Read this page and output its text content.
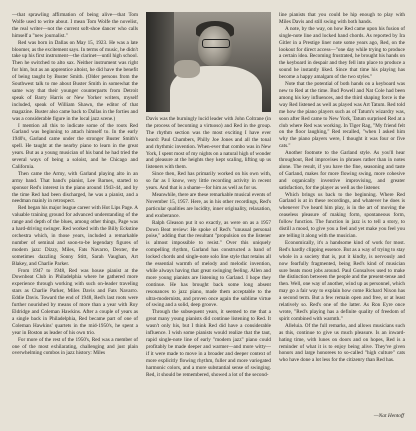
—that sprawling affirmation of being alive—that Tom Wolfe used to write about. I mean Tom Wolfe the novelist, the real writer—not the current soft-shoe dancer who calls himself a "new journalist."

Red was born in Dallas on May 15, 1923. He was a late bloomer, as the excitement says. In terms of music, he didn't take up his first instrument—the clarinet—until high school. Then he switched to alto sax. Neither instrument was right for him, but as an apprentice altoist, he did have the benefit of being taught by Buster Smith. (Older persons from the Southwest talk to me about Buster Smith in somewhat the same way that their younger counterparts from Detroit speak of Barry Harris or New Yorker writers, myself included, speak of William Shawn, the editor of that magazine. Buster also came back to Dallas in the forties and was a considerable figure in the local jazz scene.)

I mention all this to indicate some of the roots Red Garland was beginning to attach himself to. In the early 1940's, Garland came under the stronger Buster Smith's spell. He taught at the nearby piano to learn in the great years. But as a young musician of his band he had tried the several ways of being a soloist, and he Chicago and California.

Then came the Army, with Garland playing alto in an army band. That band's pianist, Lee Barnes, started to sponsor Red's interest in the piano around 1943-44, and by the time Red had been discharged, he was a pianist, and a needman mainly in retrospect.

Red began his major league career with Hot Lips Page. A valuable training ground for advanced understanding of the range and depth of the blues, among other things, Page was a hard-driving swinger. Red worked with the Billy Eckstine orchestra which, in those years, included a remarkable number of seminal and soon-to-be legendary figures of modern jazz: Dizzy, Miles, Fats Navarro, Dexter, the sometimes dazzling Sonny Stitt, Sarah Vaughan, Art Blakey, and Charlie Parker.

From 1947 to 1948, Red was house pianist at the Downbeat Club in Philadelphia where he gathered more experience through working with such on-leader traveling stars as Charlie Parker, Miles Davis and Fats Navarro. Eddie Davis. Toward the end of 1948, Red's last roots were further nourished by means of more than a year with Roy Eldridge and Coleman Hawkins. After a couple of years as a single back in Philadelphia, Red became part of one of Coleman Hawkins' quartets in the mid-1950's, he spent a year in Boston as leader of his own trio.

For more of the rest of the 1950's, Red was a member of one of the most exhilarating, challenging and just plain overwhelming combos in jazz history: Miles

Davis was the burningly lucid leader with John Coltrane (in the process of becoming a virtuoso) and Red in the group. The rhythm section was the most exciting I have ever heard: Paul Chambers, Philly Joe Jones and all the tonal and rhythmic invention. When-ever that combo was in New York, I spent most of my nights on a natural high of wonder and pleasure at the heights they kept scaling, lifting up us listeners with them.

Since then, Red has primarily worked on his own with, so far as I know, very little recording activity in recent years. And that is a shame—for him as well as for us.

Meanwhile, there are these remarkable musical events of November 15, 1957. Here, as in his other recordings, Red's particular qualities are lucidity, inner originality, relaxation, and exuberance.

Ralph Gleason put it so exactly, as were on as a 1957 Down Beat review: He spoke of Red's "unusual personal poise," adding that the resultant "propulsion on the listener is almost impossible to resist." Over this uniquely compelling rhythm, Garland has constructed a band of locked chords and single-note solo line style that retains all the essential warmth of melody and melodic invention, while always having that great swinging feeling. Allen and more young pianists are listening to Garland. I hope they continue. He has brought back some long absent resonances to jazz piano, made them acceptable to the ultra-modernists, and proven once again the sublime virtue of swing and a solid, deep groove.

Through the subsequent years, it seemed to me that a great many young pianists did continue listening to Red. It wasn't only his, but I think Red did have a considerable influence. I wish some pianists would realize that the taut, rapid single-note line of early "modern jazz" piano could profitably be made deeper and warmer—and more witty—if it were made to move in a broader and deeper context of more explicitly flowing rhythm, fuller and more variegated harmonic colors, and a more substantial sense of swinging. Red, it should be remembered, showed a lot of the second-

line pianists that you could be hip enough to play with Miles Davis and still swing with both hands.

A note, by the way, on how Red came upon his fusion of single-note line and locked hand chords. As reported by Ira Gitler in a Prestige liner note some years ago, Red, on the lookout for direct access—"one day while trying to produce a certain idea. Becoming frustrated, he brought his hands on the keyboard in despair and they fell into place to produce a sound he instantly liked. Since that time his playing has become a happy amalgam of the two styles."

Note that the potential of both hands on a keyboard was new to Red at the time. Bud Powell and Nat Cole had been among his key influences, and the third shaping force is the way Red listened as well as played was Art Tatum. Red told me how the piano players such as of Tatum's wizardry was, soon after Red came to New York, Tatum surprised Red at a club where Red was working. In Tiger Rag, "My friend felt on the floor laughing," Red recalled, "when I asked him why the piano players were, I thought it was four or five cats."

Another footnote to the Garland style. As you'll hear throughout, Red improvises in phrases rather than in notes alone. The result, if you have the fine, seasoning and taste of Garland, makes for more flowing swing, more cohesive and organically inventive improvising, and greater satisfaction, for the player as well as the listener.

Which brings us back to the beginning. Where Red Garland is at in these recordings, and whatever he does is whenever I've heard him play, is in the art of moving the ceaseless pleasure of making form, spontaneous form, follow function. The function in jazz is to tell a story, to distill a mood, to give you a feel and yet make you feel you are telling it along with the musician.

Economically, it's a handsome kind of work for most. Red's hardly clipping essence. But as a way of trying to stay whole in a society that is, put it kindly, is nervously and now fearfully fragmented, being Red's kind of musician sure beats most jobs around. Paul Gonsalves used to make the distinction between the people and the present-tense and then. Well, one way of another, wind up as personnel, which may go a fair way to explain how come Richard Nixon has a second term. But a few remain open and free, or at least relatively so. Red's one of the latter. As Ron Eyre once wrote, "Red's playing has a definite quality of freedom of spirit combined with warmth."

Alleluia. Of the full remarks, and allows musicians such as this, continue to give us much pleasure. Is an inward-hating time, with lunes on doors and on hopes, Red is a reminder of what it is to enjoy being alive. They've given honors and large honorees to so-called "high culture" cats who have done a lot less for the citizenry than Red has.

—Nat Hentoff
